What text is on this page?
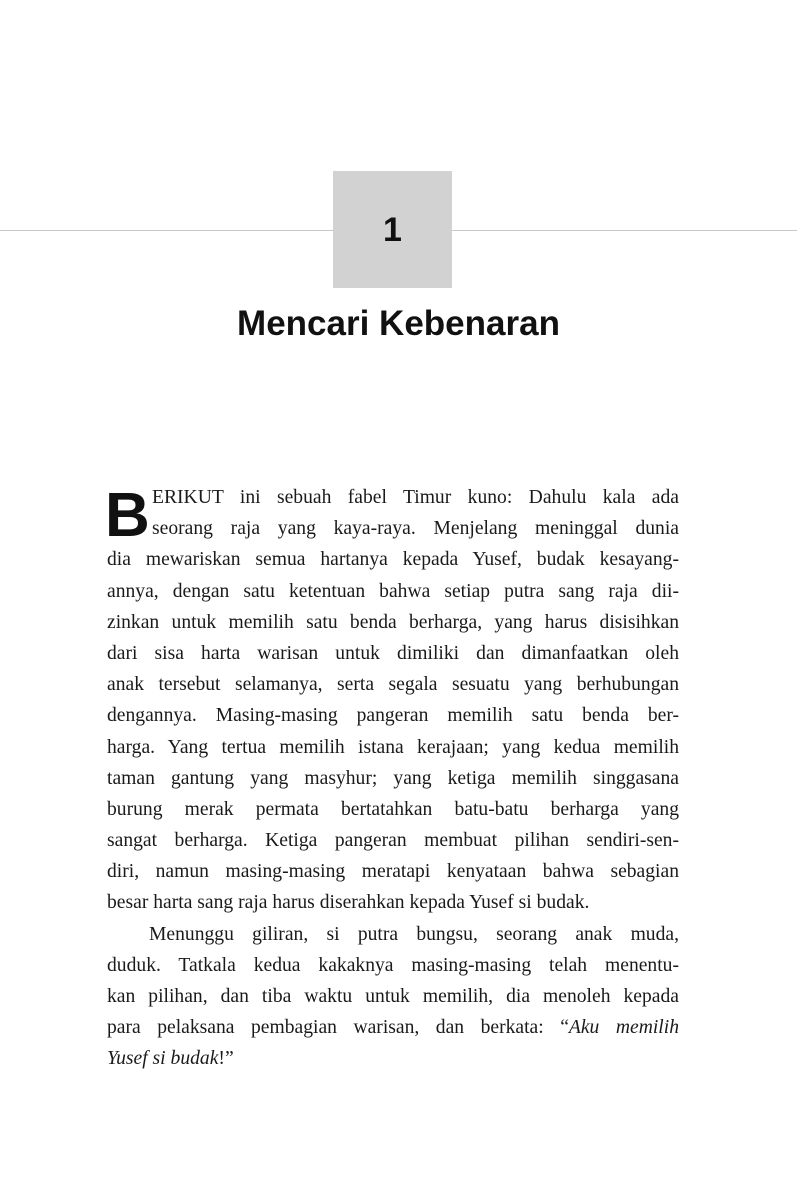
1
Mencari Kebenaran
B ERIKUT ini sebuah fabel Timur kuno: Dahulu kala ada
seorang raja yang kaya-raya. Menjelang meninggal dunia
dia mewariskan semua hartanya kepada Yusef, budak kesayang-
annya, dengan satu ketentuan bahwa setiap putra sang raja dii-
zinkan untuk memilih satu benda berharga, yang harus disisihkan
dari sisa harta warisan untuk dimiliki dan dimanfaatkan oleh
anak tersebut selamanya, serta segala sesuatu yang berhubungan
dengannya. Masing-masing pangeran memilih satu benda ber-
harga. Yang tertua memilih istana kerajaan; yang kedua memilih
taman gantung yang masyhur; yang ketiga memilih singgasana
burung merak permata bertatahkan batu-batu berharga yang
sangat berharga. Ketiga pangeran membuat pilihan sendiri-sen-
diri, namun masing-masing meratapi kenyataan bahwa sebagian
besar harta sang raja harus diserahkan kepada Yusef si budak.
Menunggu giliran, si putra bungsu, seorang anak muda,
duduk. Tatkala kedua kakaknya masing-masing telah menentu-
kan pilihan, dan tiba waktu untuk memilih, dia menoleh kepada
para pelaksana pembagian warisan, dan berkata: “Aku memilih
Yusef si budak!”
